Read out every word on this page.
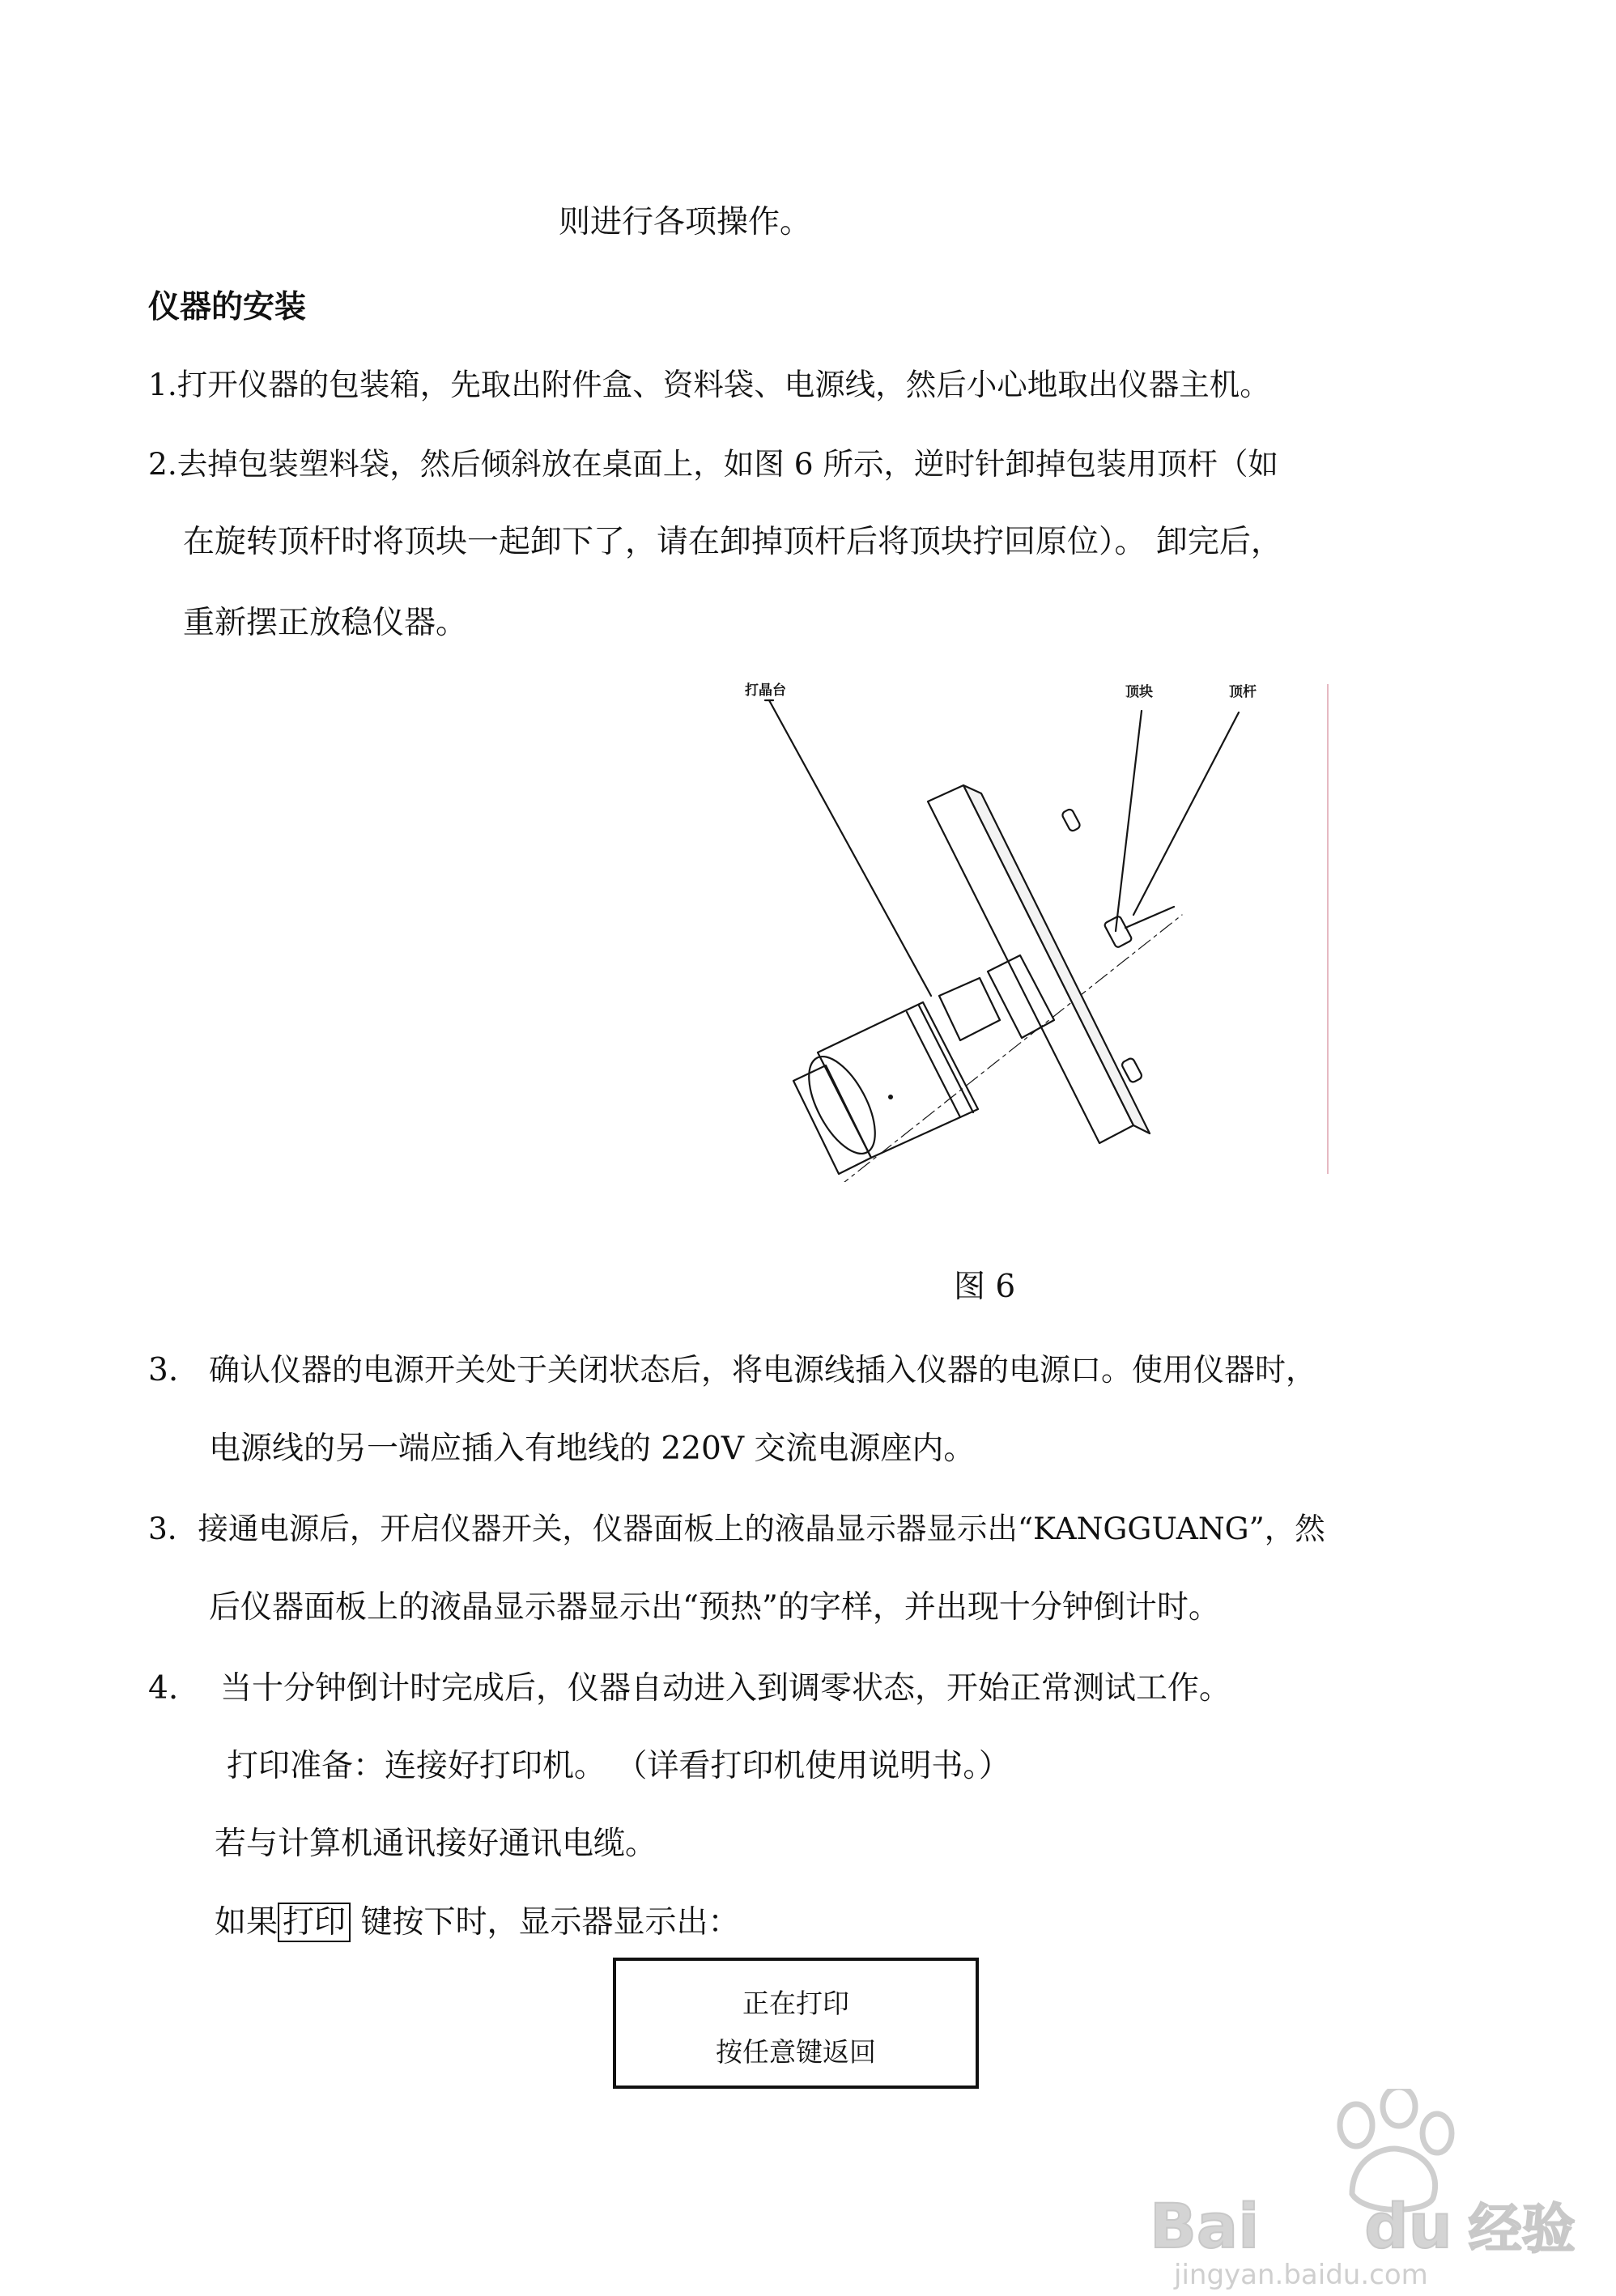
则进行各项操作。
仪器的安装
1.打开仪器的包装箱，先取出附件盒、资料袋、电源线，然后小心地取出仪器主机。
2.去掉包装塑料袋，然后倾斜放在桌面上，如图 6 所示，逆时针卸掉包装用顶杆（如
在旋转顶杆时将顶块一起卸下了，请在卸掉顶杆后将顶块拧回原位）。 卸完后，
重新摆正放稳仪器。
打晶台	顶块	顶杆
图 6
3. 确认仪器的电源开关处于关闭状态后，将电源线插入仪器的电源口。使用仪器时，
电源线的另一端应插入有地线的 220V 交流电源座内。
3．接通电源后，开启仪器开关，仪器面板上的液晶显示器显示出“KANGGUANG”，然
后仪器面板上的液晶显示器显示出“预热”的字样，并出现十分钟倒计时。
4. 当十分钟倒计时完成后，仪器自动进入到调零状态，开始正常测试工作。
打印准备：连接好打印机。 （详看打印机使用说明书。）
若与计算机通讯接好通讯电缆。
如果 打印 键按下时，显示器显示出：
正在打印
按任意键返回
Bai du 经验
jingyan.baidu.com
